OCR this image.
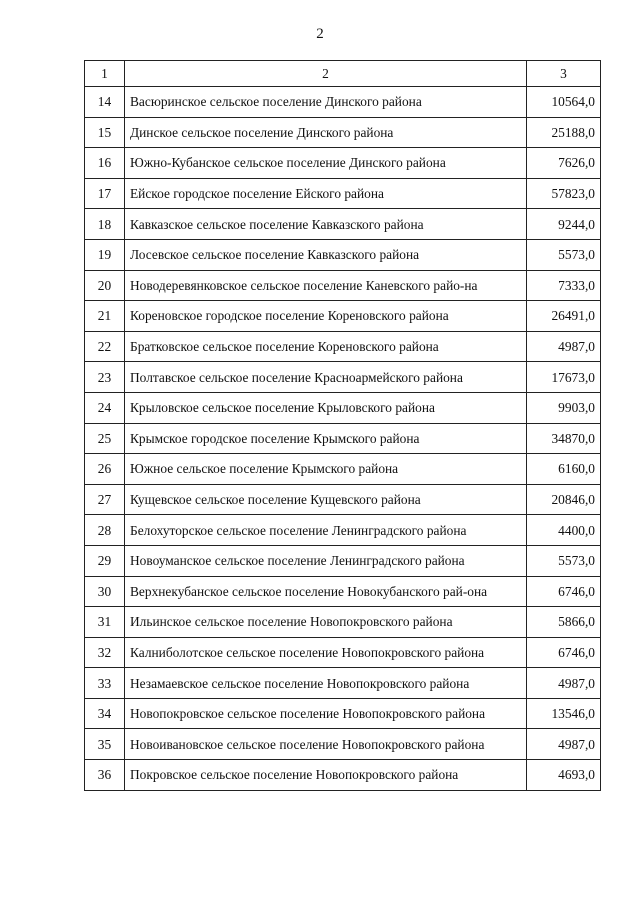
2
1	2	3
14	Васюринское сельское поселение Динского района	10564,0
15	Динское сельское поселение Динского района	25188,0
16	Южно-Кубанское сельское поселение Динского района	7626,0
17	Ейское городское поселение Ейского района	57823,0
18	Кавказское сельское поселение Кавказского района	9244,0
19	Лосевское сельское поселение Кавказского района	5573,0
20	Новодеревянковское сельское поселение Каневского райо-на	7333,0
21	Кореновское городское поселение Кореновского района	26491,0
22	Братковское сельское поселение Кореновского района	4987,0
23	Полтавское сельское поселение Красноармейского района	17673,0
24	Крыловское сельское поселение Крыловского района	9903,0
25	Крымское городское поселение Крымского района	34870,0
26	Южное сельское поселение Крымского района	6160,0
27	Кущевское сельское поселение Кущевского района	20846,0
28	Белохуторское сельское поселение Ленинградского района	4400,0
29	Новоуманское сельское поселение Ленинградского района	5573,0
30	Верхнекубанское сельское поселение Новокубанского рай-она	6746,0
31	Ильинское сельское поселение Новопокровского района	5866,0
32	Калниболотское сельское поселение Новопокровского района	6746,0
33	Незамаевское сельское поселение Новопокровского района	4987,0
34	Новопокровское сельское поселение Новопокровского района	13546,0
35	Новоивановское сельское поселение Новопокровского района	4987,0
36	Покровское сельское поселение Новопокровского района	4693,0
